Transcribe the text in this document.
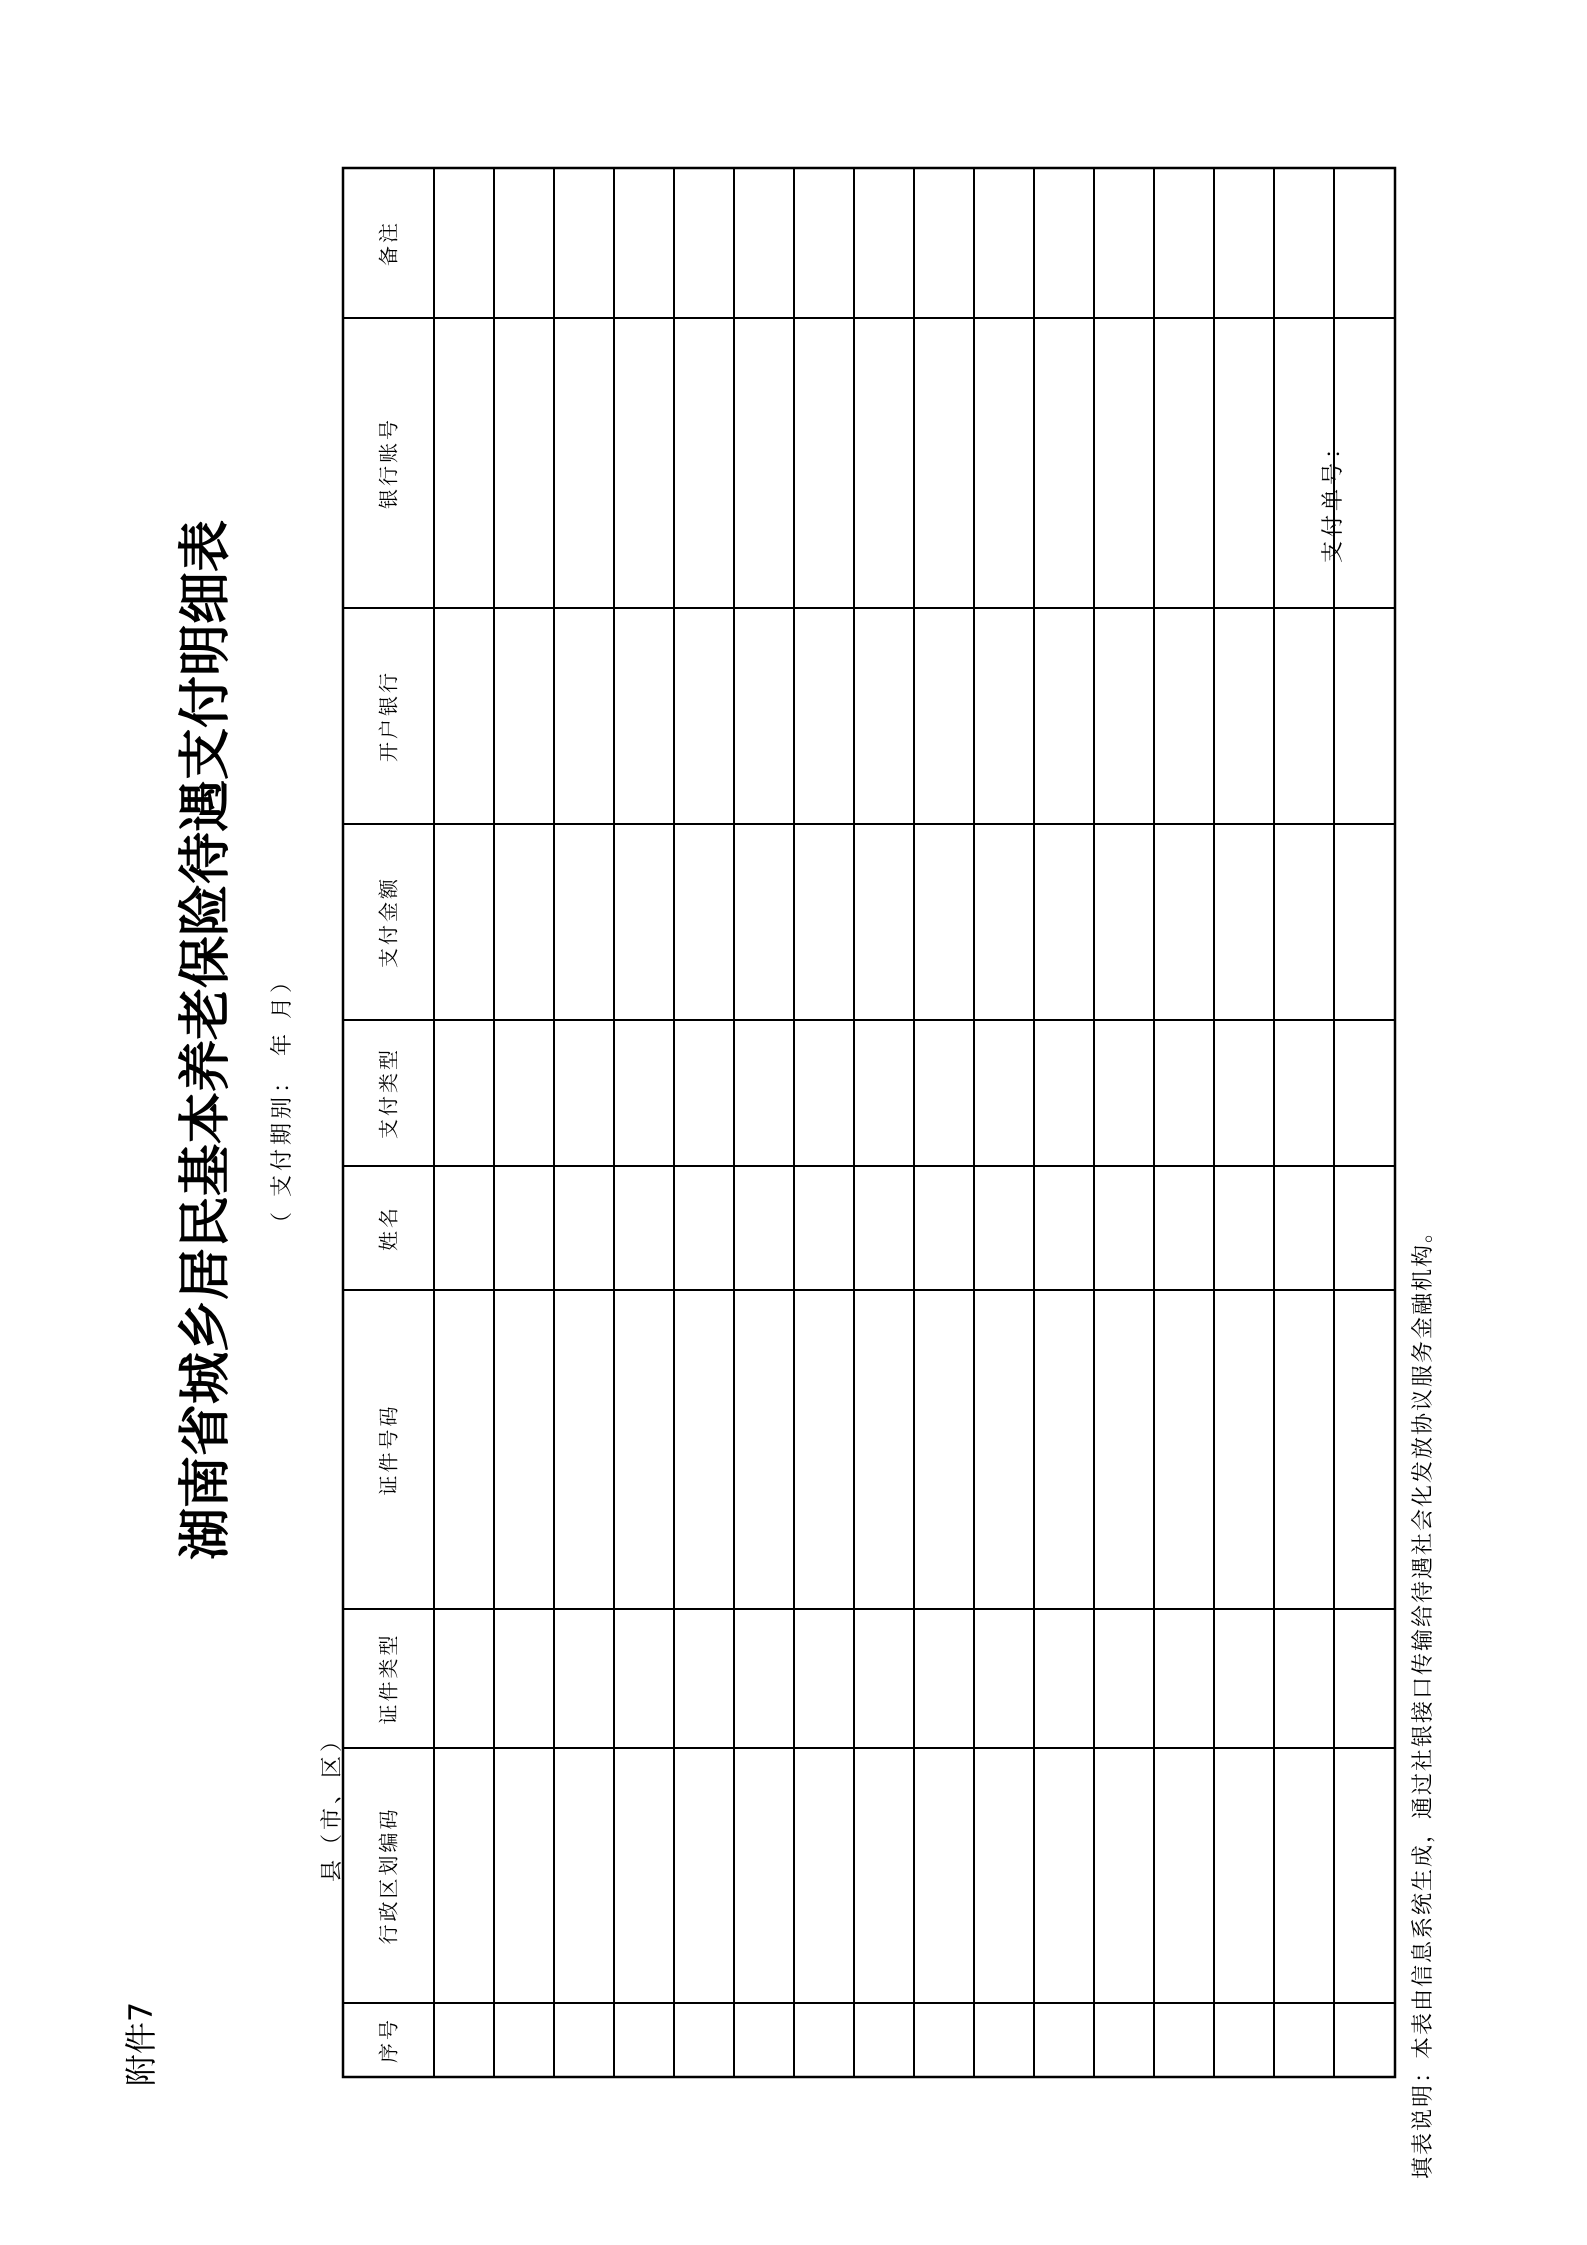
附件7
湖南省城乡居民基本养老保险待遇支付明细表 （ 支付期别： 年 月）
县（市、区）
支付单号：
填表说明：本表由信息系统生成，通过社银接口传输给待遇社会化发放协议服务金融机构。
序号
行政区划编码
证件类型
证件号码
姓名
支付类型
支付金额
开户银行
银行账号
备注
